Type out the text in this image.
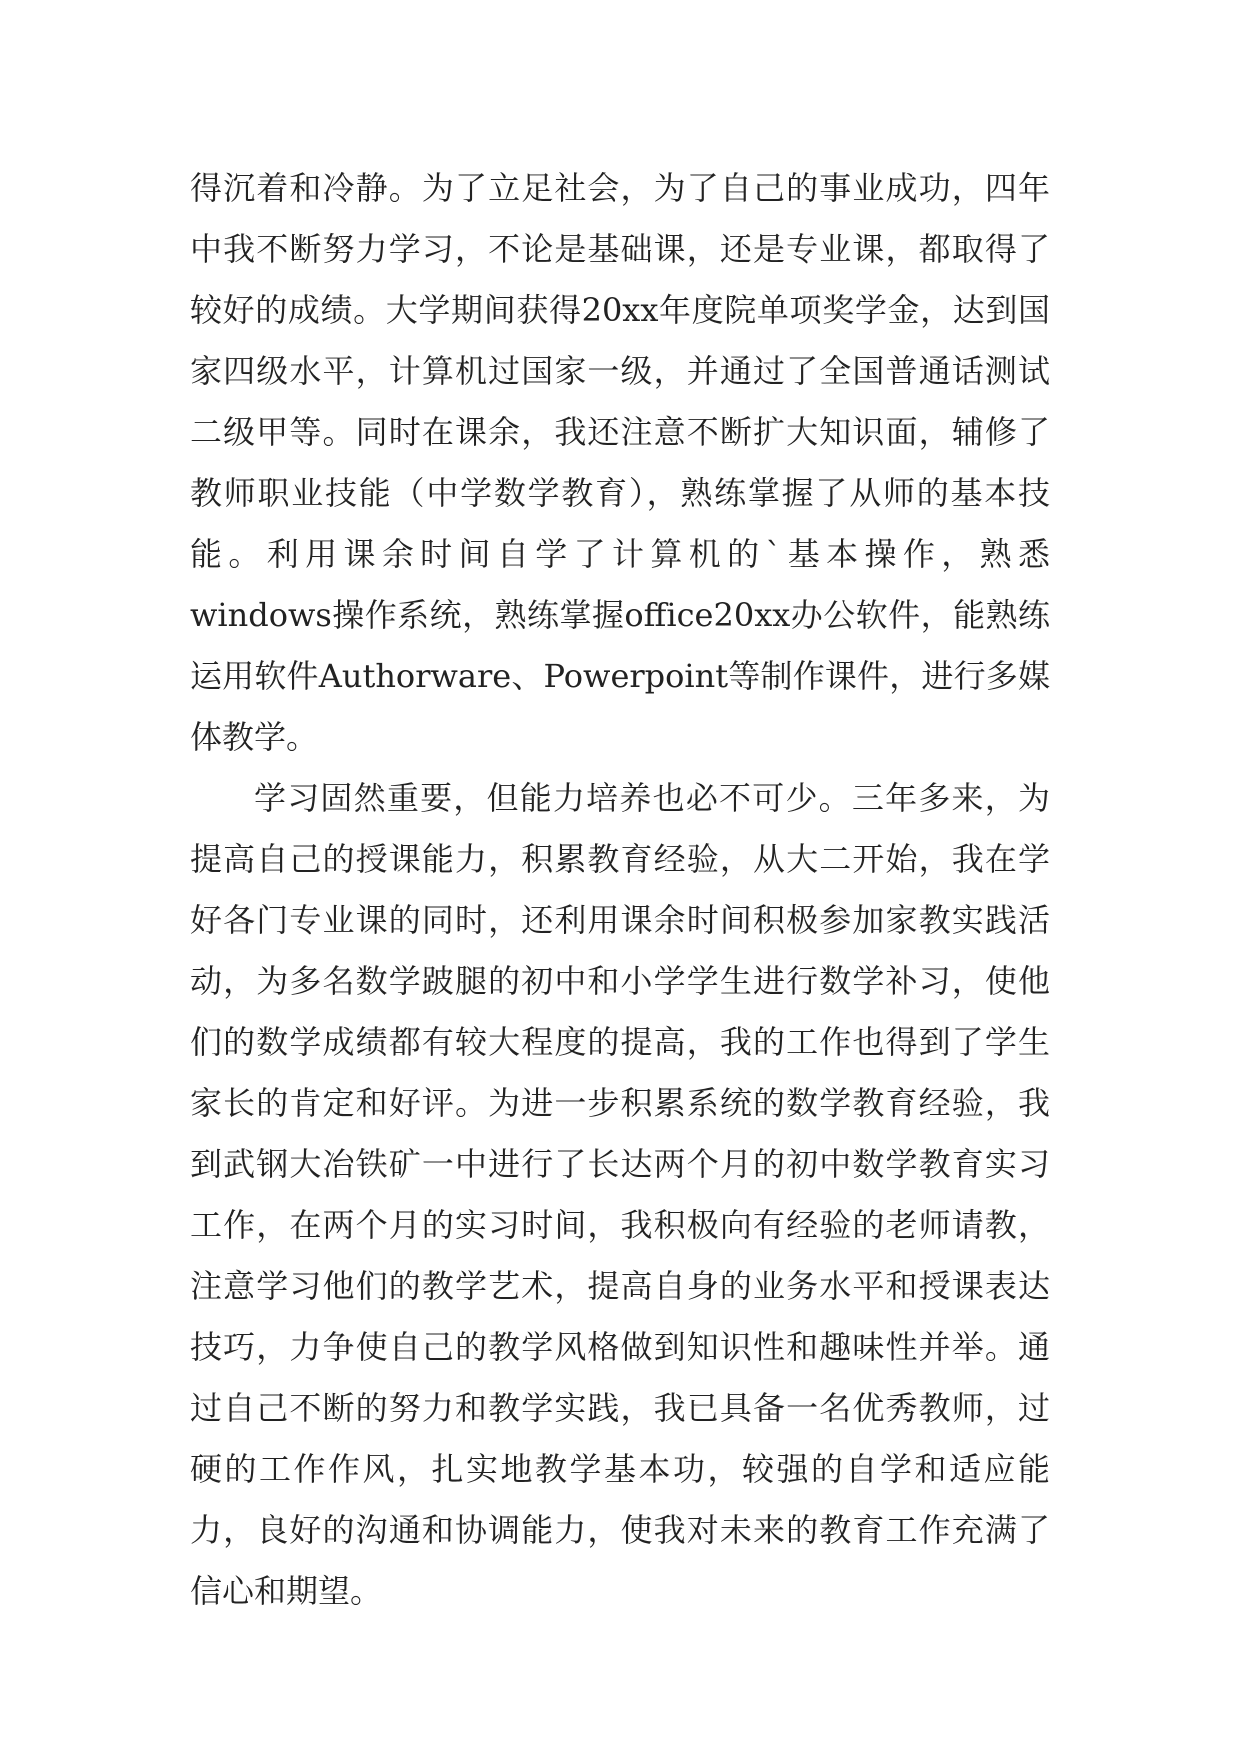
得沉着和冷静。为了立足社会，为了自己的事业成功，四年中我不断努力学习，不论是基础课，还是专业课，都取得了较好的成绩。大学期间获得20xx年度院单项奖学金，达到国家四级水平，计算机过国家一级，并通过了全国普通话测试二级甲等。同时在课余，我还注意不断扩大知识面，辅修了教师职业技能（中学数学教育），熟练掌握了从师的基本技能。利用课余时间自学了计算机的`基本操作，熟悉windows操作系统，熟练掌握office20xx办公软件，能熟练运用软件Authorware、Powerpoint等制作课件，进行多媒体教学。

学习固然重要，但能力培养也必不可少。三年多来，为提高自己的授课能力，积累教育经验，从大二开始，我在学好各门专业课的同时，还利用课余时间积极参加家教实践活动，为多名数学跛腿的初中和小学学生进行数学补习，使他们的数学成绩都有较大程度的提高，我的工作也得到了学生家长的肯定和好评。为进一步积累系统的数学教育经验，我到武钢大冶铁矿一中进行了长达两个月的初中数学教育实习工作，在两个月的实习时间，我积极向有经验的老师请教，注意学习他们的教学艺术，提高自身的业务水平和授课表达技巧，力争使自己的教学风格做到知识性和趣味性并举。通过自己不断的努力和教学实践，我已具备一名优秀教师，过硬的工作作风，扎实地教学基本功，较强的自学和适应能力，良好的沟通和协调能力，使我对未来的教育工作充满了信心和期望。
